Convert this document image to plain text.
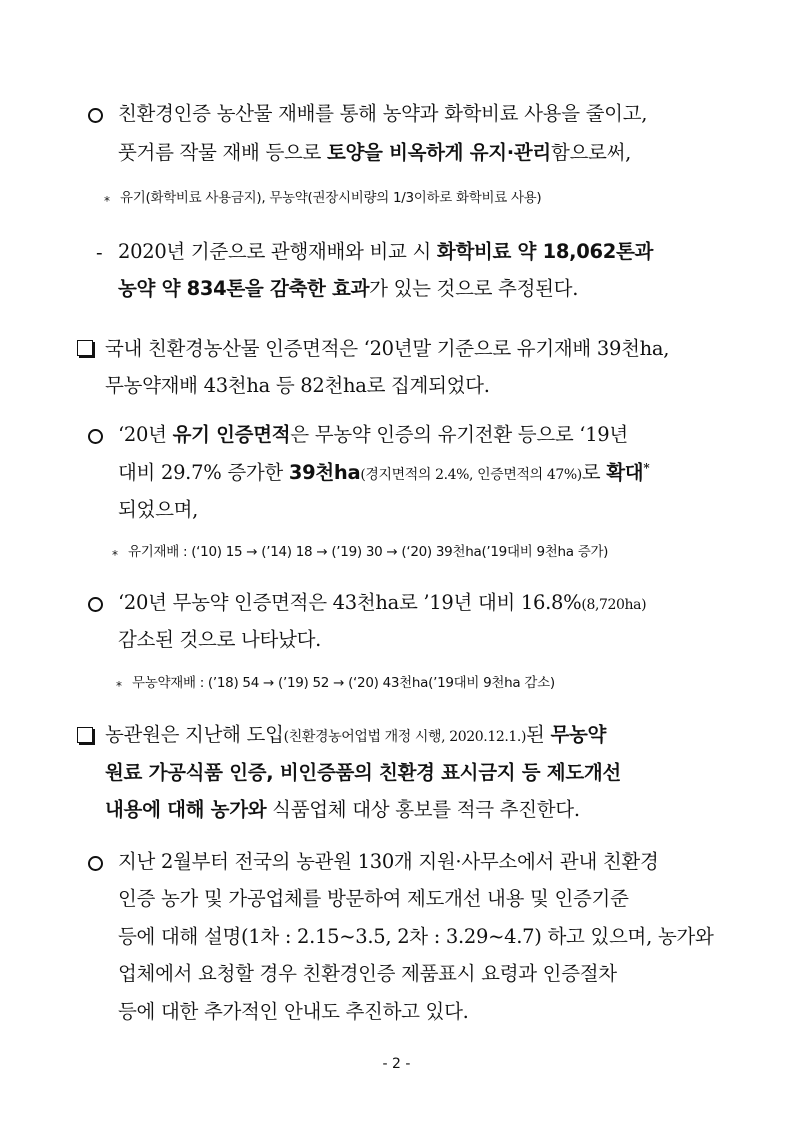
친환경인증 농산물 재배를 통해 농약과 화학비료 사용을 줄이고,
풋거름 작물 재배 등으로 토양을 비옥하게 유지·관리함으로써,
* 유기(화학비료 사용금지), 무농약(권장시비량의 1/3이하로 화학비료 사용)
- 2020년 기준으로 관행재배와 비교 시 화학비료 약 18,062톤과
농약 약 834톤을 감축한 효과가 있는 것으로 추정된다.
국내 친환경농산물 인증면적은 ‘20년말 기준으로 유기재배 39천ha,
무농약재배 43천ha 등 82천ha로 집계되었다.
‘20년 유기 인증면적은 무농약 인증의 유기전환 등으로 ‘19년
대비 29.7% 증가한 39천ha(경지면적의 2.4%, 인증면적의 47%)로 확대*
되었으며,
* 유기재배 : (‘10) 15 → (’14) 18 → (’19) 30 → (‘20) 39천ha(’19대비 9천ha 증가)
‘20년 무농약 인증면적은 43천ha로 ’19년 대비 16.8%(8,720ha)
감소된 것으로 나타났다.
* 무농약재배 : (’18) 54 → (’19) 52 → (‘20) 43천ha(’19대비 9천ha 감소)
농관원은 지난해 도입(친환경농어업법 개정 시행, 2020.12.1.)된 무농약
원료 가공식품 인증, 비인증품의 친환경 표시금지 등 제도개선
내용에 대해 농가와 식품업체 대상 홍보를 적극 추진한다.
지난 2월부터 전국의 농관원 130개 지원·사무소에서 관내 친환경
인증 농가 및 가공업체를 방문하여 제도개선 내용 및 인증기준
등에 대해 설명(1차 : 2.15~3.5, 2차 : 3.29~4.7) 하고 있으며, 농가와
업체에서 요청할 경우 친환경인증 제품표시 요령과 인증절차
등에 대한 추가적인 안내도 추진하고 있다.
- 2 -
